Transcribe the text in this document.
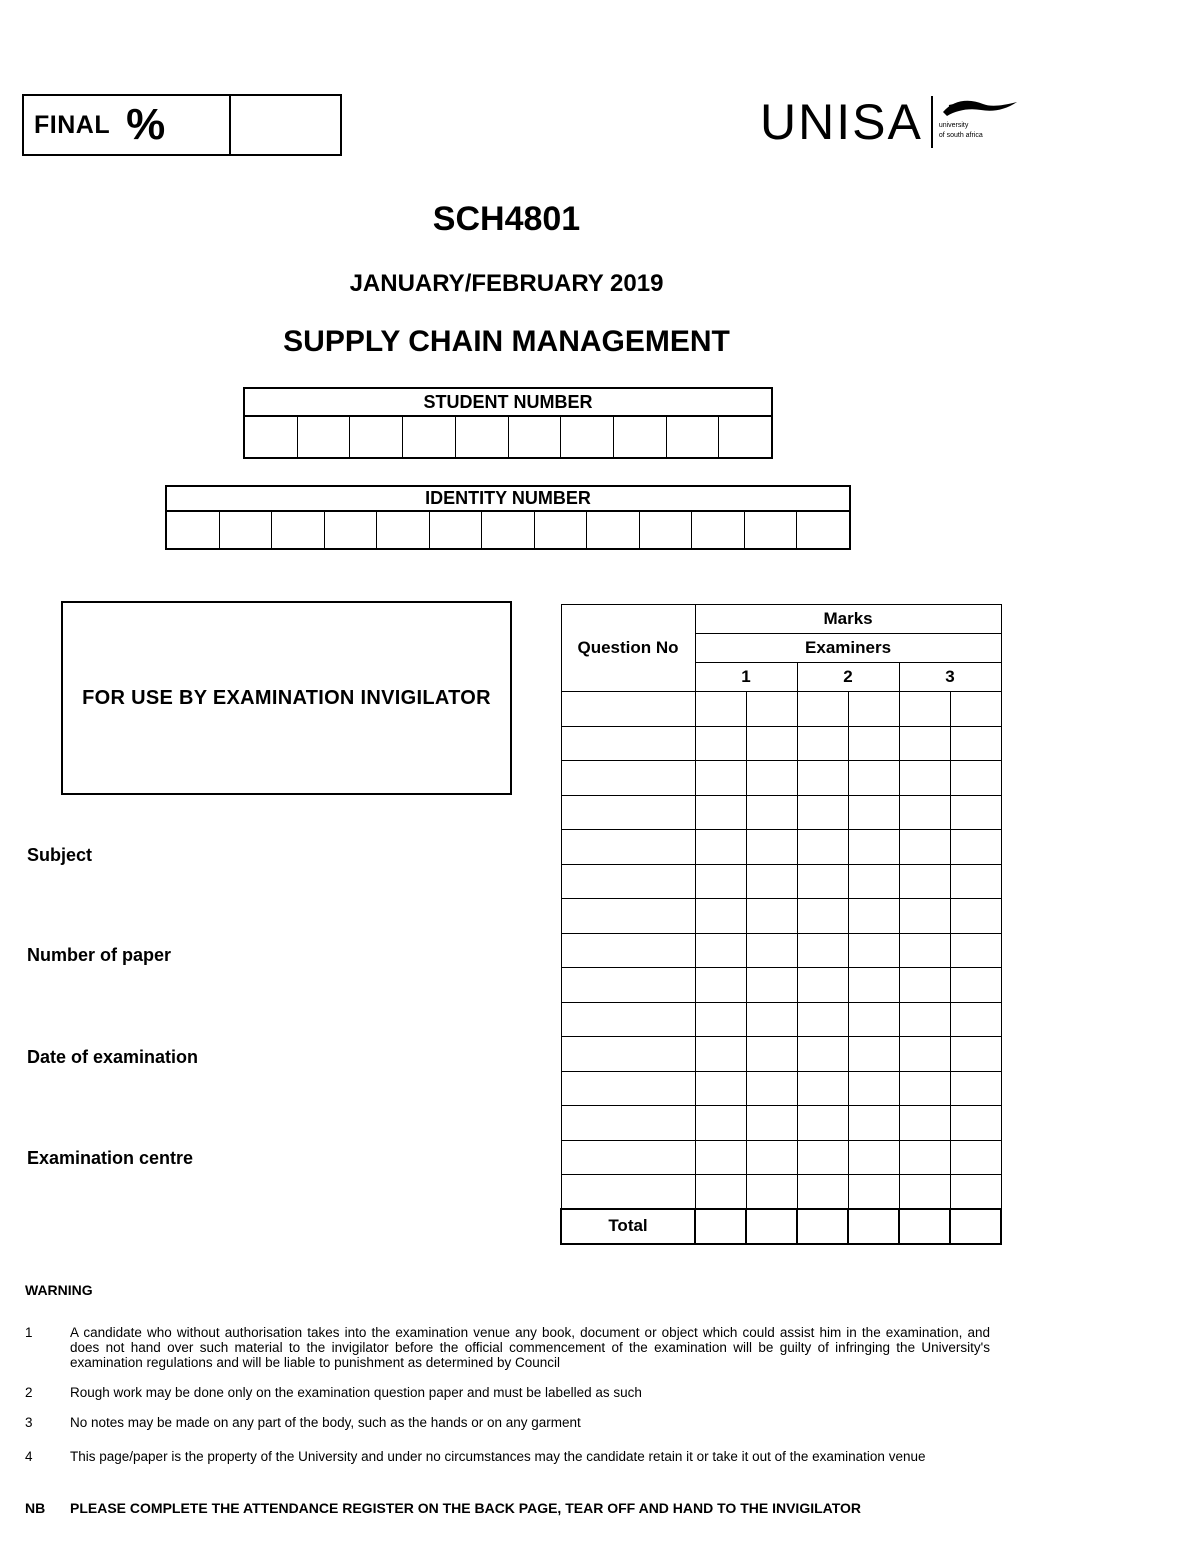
FINAL %	UNISA university
of south africa
SCH4801
JANUARY/FEBRUARY 2019
SUPPLY CHAIN MANAGEMENT
STUDENT NUMBER
IDENTITY NUMBER
FOR USE BY EXAMINATION INVIGILATOR
Subject
Number of paper
Date of examination
Examination centre
Question No	Marks					
	Examiners					
	1		2		3	

Total						
WARNING
1	A candidate who without authorisation takes into the examination venue any book, document or object which could assist him in the examination, and does not hand over such material to the invigilator before the official commencement of the examination will be guilty of infringing the University's examination regulations and will be liable to punishment as determined by Council
2	Rough work may be done only on the examination question paper and must be labelled as such
3	No notes may be made on any part of the body, such as the hands or on any garment
4	This page/paper is the property of the University and under no circumstances may the candidate retain it or take it out of the examination venue
NB	PLEASE COMPLETE THE ATTENDANCE REGISTER ON THE BACK PAGE, TEAR OFF AND HAND TO THE INVIGILATOR
